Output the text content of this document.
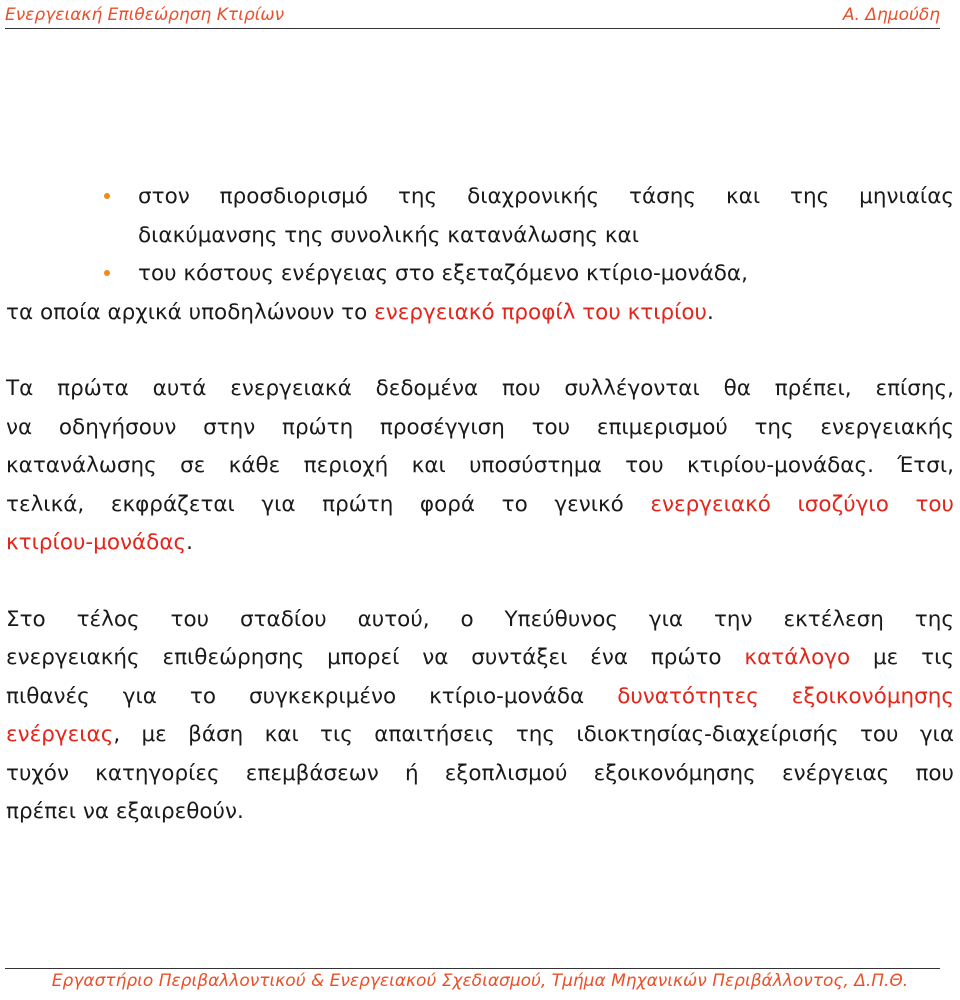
Ενεργειακή Επιθεώρηση Κτιρίων	Α. Δημούδη
στον προσδιορισμό της διαχρονικής τάσης και της μηνιαίας
διακύμανσης της συνολικής κατανάλωσης και
του κόστους ενέργειας στο εξεταζόμενο κτίριο-μονάδα,
τα οποία αρχικά υποδηλώνουν το ενεργειακό προφίλ του κτιρίου.
Τα πρώτα αυτά ενεργειακά δεδομένα που συλλέγονται θα πρέπει, επίσης,
να οδηγήσουν στην πρώτη προσέγγιση του επιμερισμού της ενεργειακής
κατανάλωσης σε κάθε περιοχή και υποσύστημα του κτιρίου-μονάδας. Έτσι,
τελικά, εκφράζεται για πρώτη φορά το γενικό ενεργειακό ισοζύγιο του
κτιρίου-μονάδας.
Στο τέλος του σταδίου αυτού, ο Υπεύθυνος για την εκτέλεση της
ενεργειακής επιθεώρησης μπορεί να συντάξει ένα πρώτο κατάλογο με τις
πιθανές για το συγκεκριμένο κτίριο-μονάδα δυνατότητες εξοικονόμησης
ενέργειας, με βάση και τις απαιτήσεις της ιδιοκτησίας-διαχείρισής του για
τυχόν κατηγορίες επεμβάσεων ή εξοπλισμού εξοικονόμησης ενέργειας που
πρέπει να εξαιρεθούν.
Εργαστήριο Περιβαλλοντικού & Ενεργειακού Σχεδιασμού, Τμήμα Μηχανικών Περιβάλλοντος, Δ.Π.Θ.
